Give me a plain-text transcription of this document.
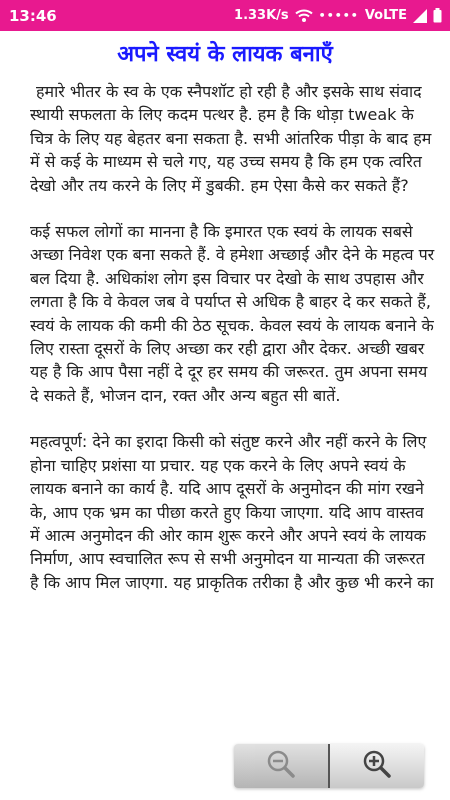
13:46	1.33K/s	••••• VoLTE
अपने स्वयं के लायक बनाएँ

हमारे भीतर के स्व के एक स्नैपशॉट हो रही है और इसके साथ संवाद स्थायी सफलता के लिए कदम पत्थर है. हम है कि थोड़ा tweak के चित्र के लिए यह बेहतर बना सकता है. सभी आंतरिक पीड़ा के बाद हम में से कई के माध्यम से चले गए, यह उच्च समय है कि हम एक त्वरित देखो और तय करने के लिए में डुबकी. हम ऐसा कैसे कर सकते हैं?

कई सफल लोगों का मानना है कि इमारत एक स्वयं के लायक सबसे अच्छा निवेश एक बना सकते हैं. वे हमेशा अच्छाई और देने के महत्व पर बल दिया है. अधिकांश लोग इस विचार पर देखो के साथ उपहास और लगता है कि वे केवल जब वे पर्याप्त से अधिक है बाहर दे कर सकते हैं, स्वयं के लायक की कमी की ठेठ सूचक. केवल स्वयं के लायक बनाने के लिए रास्ता दूसरों के लिए अच्छा कर रही द्वारा और देकर. अच्छी खबर यह है कि आप पैसा नहीं दे दूर हर समय की जरूरत. तुम अपना समय दे सकते हैं, भोजन दान, रक्त और अन्य बहुत सी बातें.

महत्वपूर्ण: देने का इरादा किसी को संतुष्ट करने और नहीं करने के लिए होना चाहिए प्रशंसा या प्रचार. यह एक करने के लिए अपने स्वयं के लायक बनाने का कार्य है. यदि आप दूसरों के अनुमोदन की मांग रखने के, आप एक भ्रम का पीछा करते हुए किया जाएगा. यदि आप वास्तव में आत्म अनुमोदन की ओर काम शुरू करने और अपने स्वयं के लायक निर्माण, आप स्वचालित रूप से सभी अनुमोदन या मान्यता की जरूरत है कि आप मिल जाएगा. यह प्राकृतिक तरीका है और कुछ भी करने का
